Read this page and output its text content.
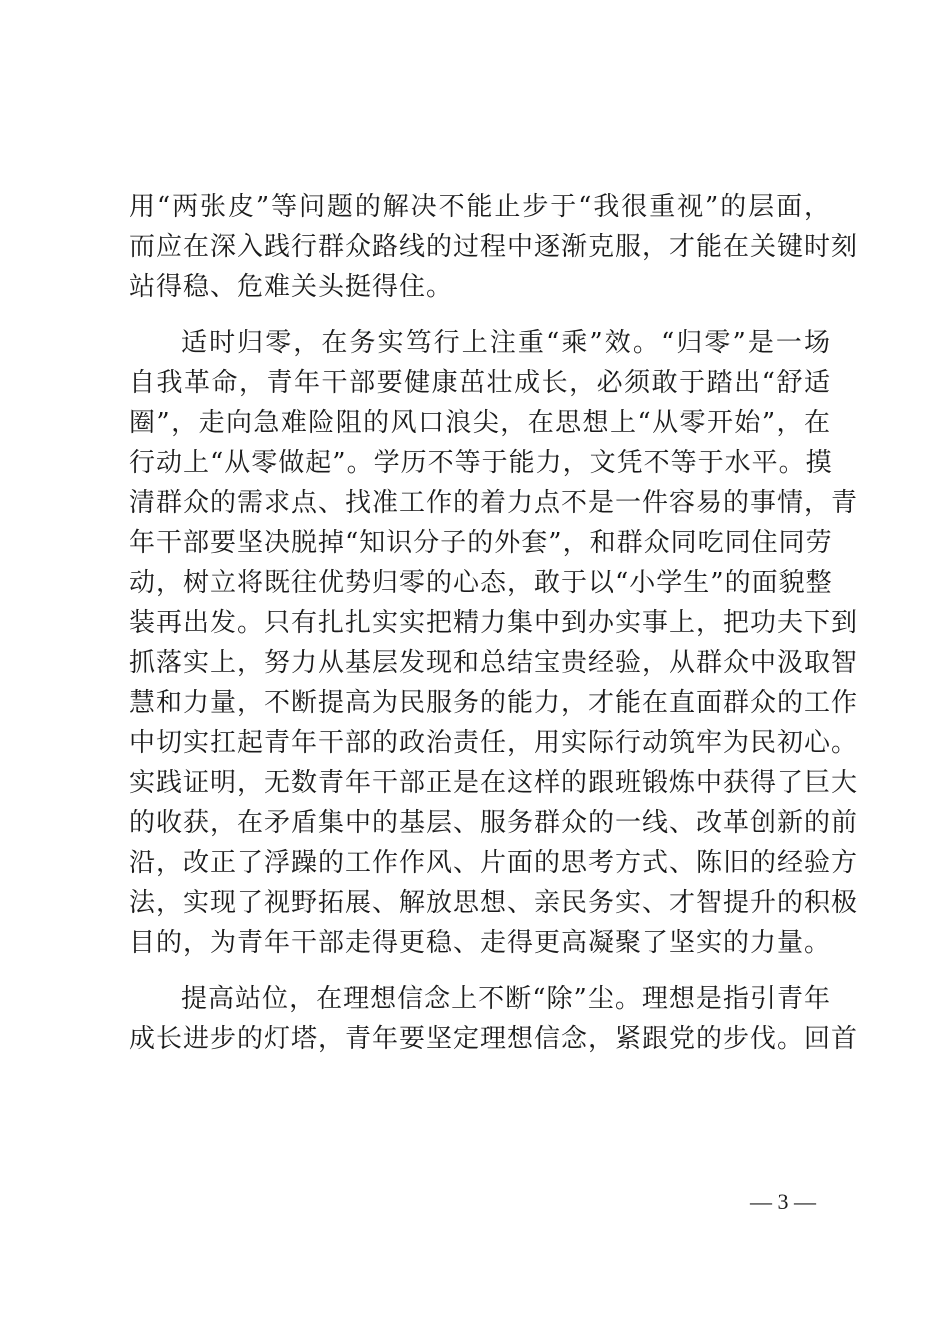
用“两张皮”等问题的解决不能止步于“我很重视”的层面，
而应在深入践行群众路线的过程中逐渐克服，才能在关键时刻
站得稳、危难关头挺得住。
适时归零，在务实笃行上注重“乘”效。“归零”是一场
自我革命，青年干部要健康茁壮成长，必须敢于踏出“舒适
圈”，走向急难险阻的风口浪尖，在思想上“从零开始”，在
行动上“从零做起”。学历不等于能力，文凭不等于水平。摸
清群众的需求点、找准工作的着力点不是一件容易的事情，青
年干部要坚决脱掉“知识分子的外套”，和群众同吃同住同劳
动，树立将既往优势归零的心态，敢于以“小学生”的面貌整
装再出发。只有扎扎实实把精力集中到办实事上，把功夫下到
抓落实上，努力从基层发现和总结宝贵经验，从群众中汲取智
慧和力量，不断提高为民服务的能力，才能在直面群众的工作
中切实扛起青年干部的政治责任，用实际行动筑牢为民初心。
实践证明，无数青年干部正是在这样的跟班锻炼中获得了巨大
的收获，在矛盾集中的基层、服务群众的一线、改革创新的前
沿，改正了浮躁的工作作风、片面的思考方式、陈旧的经验方
法，实现了视野拓展、解放思想、亲民务实、才智提升的积极
目的，为青年干部走得更稳、走得更高凝聚了坚实的力量。
提高站位，在理想信念上不断“除”尘。理想是指引青年
成长进步的灯塔，青年要坚定理想信念，紧跟党的步伐。回首
— 3 —
